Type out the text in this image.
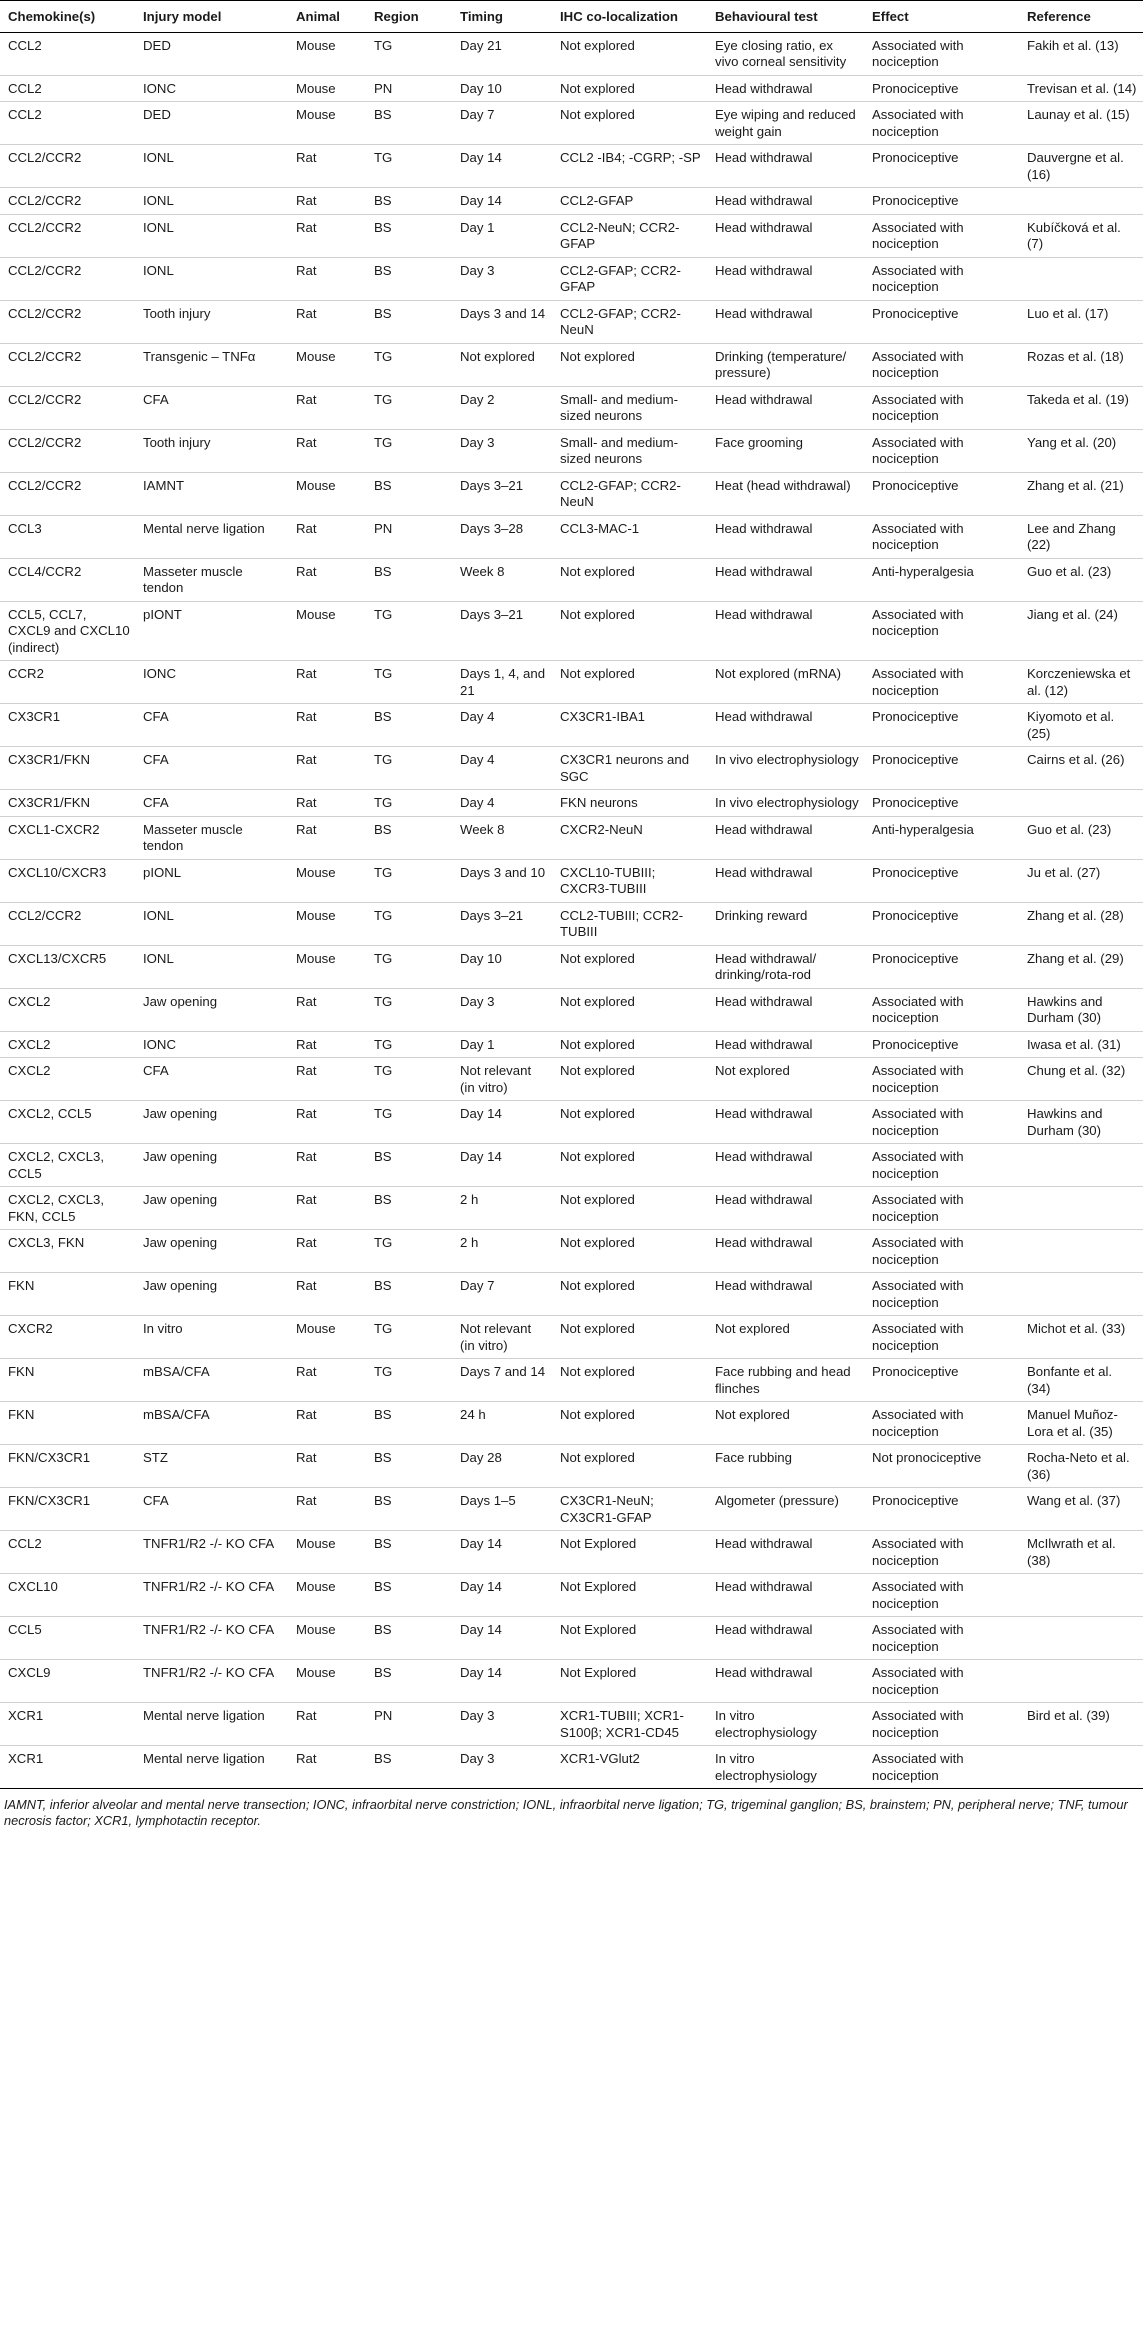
Chemokine(s)	Injury model	Animal	Region	Timing	IHC co-localization	Behavioural test	Effect	Reference
CCL2	DED	Mouse	TG	Day 21	Not explored	Eye closing ratio, ex vivo corneal sensitivity	Associated with nociception	Fakih et al. (13)
CCL2	IONC	Mouse	PN	Day 10	Not explored	Head withdrawal	Pronociceptive	Trevisan et al. (14)
CCL2	DED	Mouse	BS	Day 7	Not explored	Eye wiping and reduced weight gain	Associated with nociception	Launay et al. (15)
CCL2/CCR2	IONL	Rat	TG	Day 14	CCL2 -IB4; -CGRP; -SP	Head withdrawal	Pronociceptive	Dauvergne et al. (16)
CCL2/CCR2	IONL	Rat	BS	Day 14	CCL2-GFAP	Head withdrawal	Pronociceptive	
CCL2/CCR2	IONL	Rat	BS	Day 1	CCL2-NeuN; CCR2-GFAP	Head withdrawal	Associated with nociception	Kubíčková et al. (7)
CCL2/CCR2	IONL	Rat	BS	Day 3	CCL2-GFAP; CCR2-GFAP	Head withdrawal	Associated with nociception	
CCL2/CCR2	Tooth injury	Rat	BS	Days 3 and 14	CCL2-GFAP; CCR2-NeuN	Head withdrawal	Pronociceptive	Luo et al. (17)
CCL2/CCR2	Transgenic – TNFα	Mouse	TG	Not explored	Not explored	Drinking (temperature/ pressure)	Associated with nociception	Rozas et al. (18)
CCL2/CCR2	CFA	Rat	TG	Day 2	Small- and medium-sized neurons	Head withdrawal	Associated with nociception	Takeda et al. (19)
CCL2/CCR2	Tooth injury	Rat	TG	Day 3	Small- and medium-sized neurons	Face grooming	Associated with nociception	Yang et al. (20)
CCL2/CCR2	IAMNT	Mouse	BS	Days 3–21	CCL2-GFAP; CCR2-NeuN	Heat (head withdrawal)	Pronociceptive	Zhang et al. (21)
CCL3	Mental nerve ligation	Rat	PN	Days 3–28	CCL3-MAC-1	Head withdrawal	Associated with nociception	Lee and Zhang (22)
CCL4/CCR2	Masseter muscle tendon	Rat	BS	Week 8	Not explored	Head withdrawal	Anti-hyperalgesia	Guo et al. (23)
CCL5, CCL7, CXCL9 and CXCL10 (indirect)	pIONT	Mouse	TG	Days 3–21	Not explored	Head withdrawal	Associated with nociception	Jiang et al. (24)
CCR2	IONC	Rat	TG	Days 1, 4, and 21	Not explored	Not explored (mRNA)	Associated with nociception	Korczeniewska et al. (12)
CX3CR1	CFA	Rat	BS	Day 4	CX3CR1-IBA1	Head withdrawal	Pronociceptive	Kiyomoto et al. (25)
CX3CR1/FKN	CFA	Rat	TG	Day 4	CX3CR1 neurons and SGC	In vivo electrophysiology	Pronociceptive	Cairns et al. (26)
CX3CR1/FKN	CFA	Rat	TG	Day 4	FKN neurons	In vivo electrophysiology	Pronociceptive	
CXCL1-CXCR2	Masseter muscle tendon	Rat	BS	Week 8	CXCR2-NeuN	Head withdrawal	Anti-hyperalgesia	Guo et al. (23)
CXCL10/CXCR3	pIONL	Mouse	TG	Days 3 and 10	CXCL10-TUBIII; CXCR3-TUBIII	Head withdrawal	Pronociceptive	Ju et al. (27)
CCL2/CCR2	IONL	Mouse	TG	Days 3–21	CCL2-TUBIII; CCR2-TUBIII	Drinking reward	Pronociceptive	Zhang et al. (28)
CXCL13/CXCR5	IONL	Mouse	TG	Day 10	Not explored	Head withdrawal/ drinking/rota-rod	Pronociceptive	Zhang et al. (29)
CXCL2	Jaw opening	Rat	TG	Day 3	Not explored	Head withdrawal	Associated with nociception	Hawkins and Durham (30)
CXCL2	IONC	Rat	TG	Day 1	Not explored	Head withdrawal	Pronociceptive	Iwasa et al. (31)
CXCL2	CFA	Rat	TG	Not relevant (in vitro)	Not explored	Not explored	Associated with nociception	Chung et al. (32)
CXCL2, CCL5	Jaw opening	Rat	TG	Day 14	Not explored	Head withdrawal	Associated with nociception	Hawkins and Durham (30)
CXCL2, CXCL3, CCL5	Jaw opening	Rat	BS	Day 14	Not explored	Head withdrawal	Associated with nociception	
CXCL2, CXCL3, FKN, CCL5	Jaw opening	Rat	BS	2 h	Not explored	Head withdrawal	Associated with nociception	
CXCL3, FKN	Jaw opening	Rat	TG	2 h	Not explored	Head withdrawal	Associated with nociception	
FKN	Jaw opening	Rat	BS	Day 7	Not explored	Head withdrawal	Associated with nociception	
CXCR2	In vitro	Mouse	TG	Not relevant (in vitro)	Not explored	Not explored	Associated with nociception	Michot et al. (33)
FKN	mBSA/CFA	Rat	TG	Days 7 and 14	Not explored	Face rubbing and head flinches	Pronociceptive	Bonfante et al. (34)
FKN	mBSA/CFA	Rat	BS	24 h	Not explored	Not explored	Associated with nociception	Manuel Muñoz-Lora et al. (35)
FKN/CX3CR1	STZ	Rat	BS	Day 28	Not explored	Face rubbing	Not pronociceptive	Rocha-Neto et al. (36)
FKN/CX3CR1	CFA	Rat	BS	Days 1–5	CX3CR1-NeuN; CX3CR1-GFAP	Algometer (pressure)	Pronociceptive	Wang et al. (37)
CCL2	TNFR1/R2 -/- KO CFA	Mouse	BS	Day 14	Not Explored	Head withdrawal	Associated with nociception	McIlwrath et al. (38)
CXCL10	TNFR1/R2 -/- KO CFA	Mouse	BS	Day 14	Not Explored	Head withdrawal	Associated with nociception	
CCL5	TNFR1/R2 -/- KO CFA	Mouse	BS	Day 14	Not Explored	Head withdrawal	Associated with nociception	
CXCL9	TNFR1/R2 -/- KO CFA	Mouse	BS	Day 14	Not Explored	Head withdrawal	Associated with nociception	
XCR1	Mental nerve ligation	Rat	PN	Day 3	XCR1-TUBIII; XCR1-S100β; XCR1-CD45	In vitro electrophysiology	Associated with nociception	Bird et al. (39)
XCR1	Mental nerve ligation	Rat	BS	Day 3	XCR1-VGlut2	In vitro electrophysiology	Associated with nociception	
IAMNT, inferior alveolar and mental nerve transection; IONC, infraorbital nerve constriction; IONL, infraorbital nerve ligation; TG, trigeminal ganglion; BS, brainstem; PN, peripheral nerve; TNF, tumour necrosis factor; XCR1, lymphotactin receptor.
